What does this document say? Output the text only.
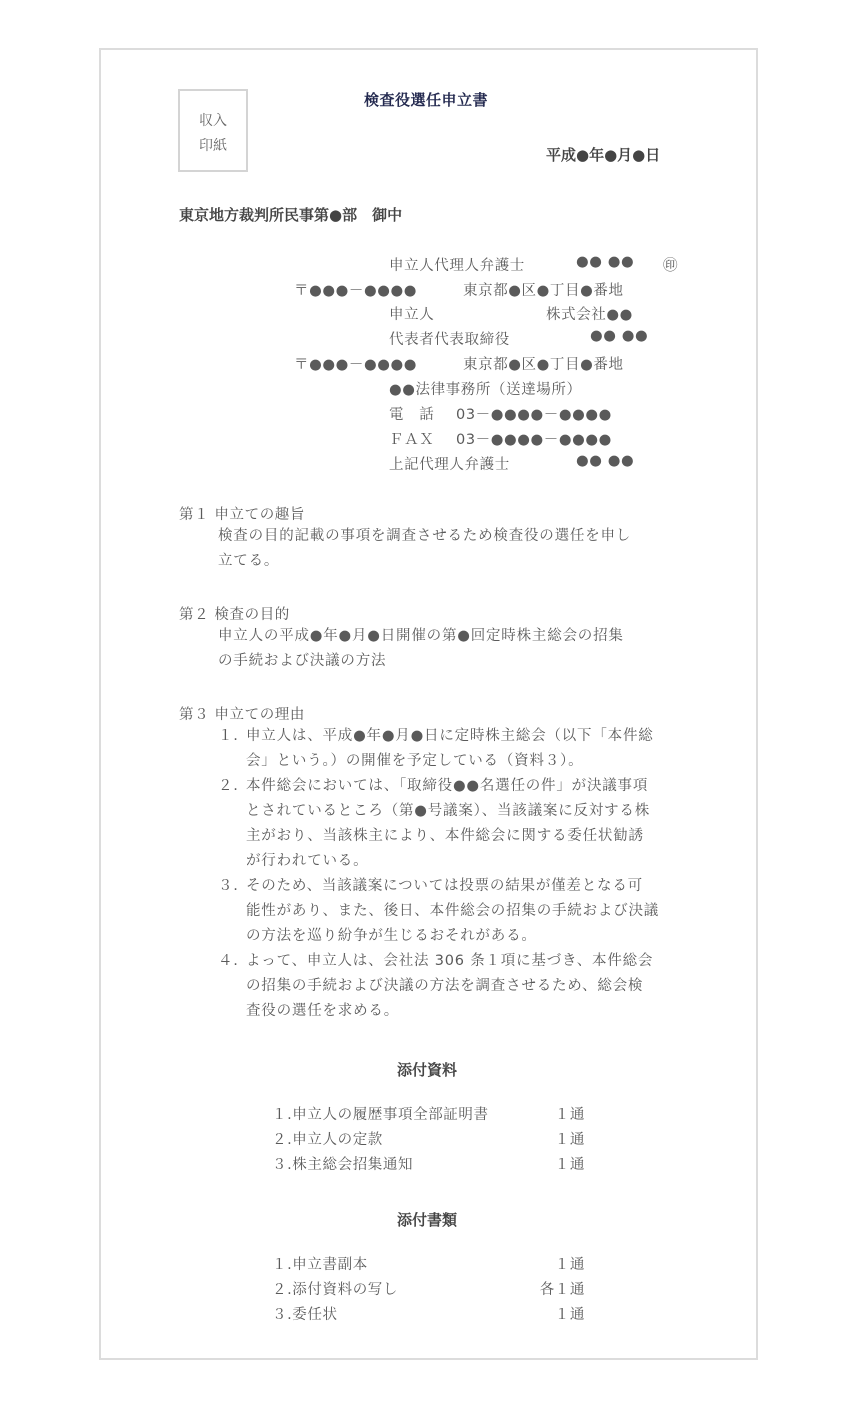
収入
印紙
検査役選任申立書
平成●年●月●日
東京地方裁判所民事第●部　御中
申立人代理人弁護士	●● ●● ㊞
〒●●●－●●●●	東京都●区●丁目●番地
申立人	株式会社●●
代表者代表取締役	●● ●●
〒●●●－●●●●	東京都●区●丁目●番地
●●法律事務所（送達場所）
電　話 03－●●●●－●●●●
ＦＡＸ 03－●●●●－●●●●
上記代理人弁護士	●● ●●
第１ 申立ての趣旨
検査の目的記載の事項を調査させるため検査役の選任を申し
立てる。
第２ 検査の目的
申立人の平成●年●月●日開催の第●回定時株主総会の招集
の手続および決議の方法
第３ 申立ての理由
１. 申立人は、平成●年●月●日に定時株主総会（以下「本件総
会」という。）の開催を予定している（資料３）。
２. 本件総会においては、「取締役●●名選任の件」が決議事項
とされているところ（第●号議案）、当該議案に反対する株
主がおり、当該株主により、本件総会に関する委任状勧誘
が行われている。
３. そのため、当該議案については投票の結果が僅差となる可
能性があり、また、後日、本件総会の招集の手続および決議
の方法を巡り紛争が生じるおそれがある。
４. よって、申立人は、会社法 306 条１項に基づき、本件総会
の招集の手続および決議の方法を調査させるため、総会検
査役の選任を求める。
添付資料
１.申立人の履歴事項全部証明書	１通
２.申立人の定款	１通
３.株主総会招集通知	１通
添付書類
１.申立書副本	１通
２.添付資料の写し	各１通
３.委任状	１通
